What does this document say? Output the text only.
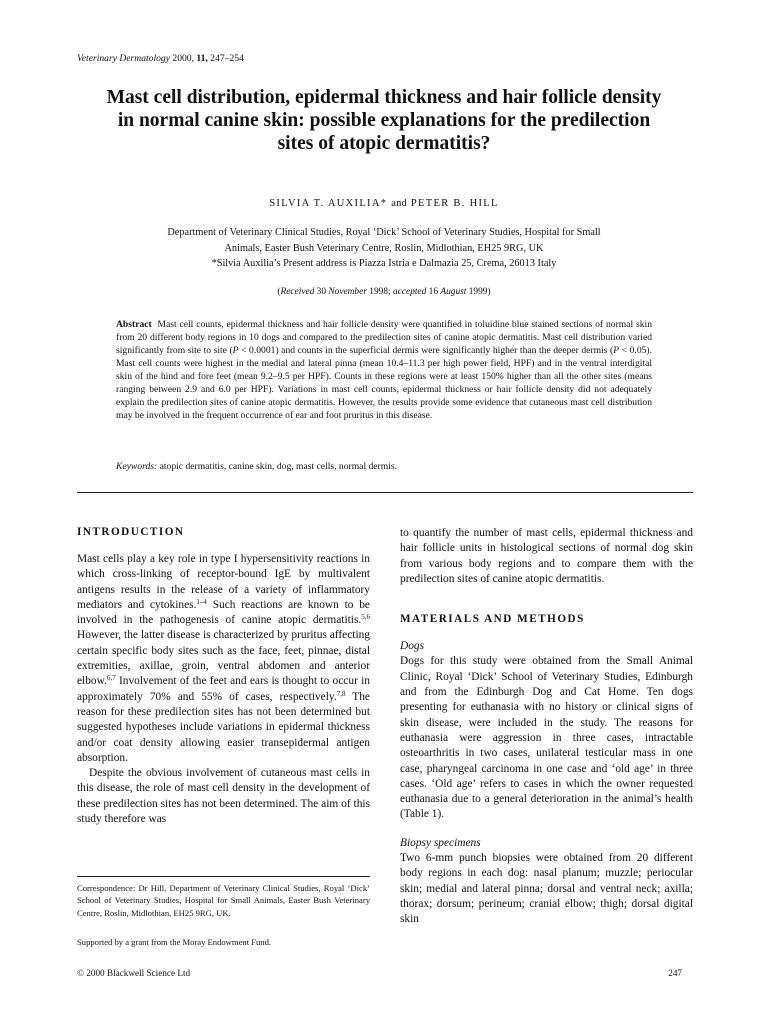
Veterinary Dermatology 2000, 11, 247–254
Mast cell distribution, epidermal thickness and hair follicle density in normal canine skin: possible explanations for the predilection sites of atopic dermatitis?
SILVIA T. AUXILIA* and PETER B. HILL
Department of Veterinary Clinical Studies, Royal ‘Dick’ School of Veterinary Studies, Hospital for Small
Animals, Easter Bush Veterinary Centre, Roslin, Midlothian, EH25 9RG, UK
*Silvia Auxilia’s Present address is Piazza Istria e Dalmazia 25, Crema, 26013 Italy
(Received 30 November 1998; accepted 16 August 1999)
Abstract Mast cell counts, epidermal thickness and hair follicle density were quantified in toluidine blue stained sections of normal skin from 20 different body regions in 10 dogs and compared to the predilection sites of canine atopic dermatitis. Mast cell distribution varied significantly from site to site (P < 0.0001) and counts in the superficial dermis were significantly higher than the deeper dermis (P < 0.05). Mast cell counts were highest in the medial and lateral pinna (mean 10.4–11.3 per high power field, HPF) and in the ventral interdigital skin of the hind and fore feet (mean 9.2–9.5 per HPF). Counts in these regions were at least 150% higher than all the other sites (means ranging between 2.9 and 6.0 per HPF). Variations in mast cell counts, epidermal thickness or hair follicle density did not adequately explain the predilection sites of canine atopic dermatitis. However, the results provide some evidence that cutaneous mast cell distribution may be involved in the frequent occurrence of ear and foot pruritus in this disease.
Keywords: atopic dermatitis, canine skin, dog, mast cells, normal dermis.
INTRODUCTION

Mast cells play a key role in type I hypersensitivity reactions in which cross-linking of receptor-bound IgE by multivalent antigens results in the release of a variety of inflammatory mediators and cytokines.$^{1-4}$ Such reactions are known to be involved in the pathogenesis of canine atopic dermatitis.$^{5,6}$ However, the latter disease is characterized by pruritus affecting certain specific body sites such as the face, feet, pinnae, distal extremities, axillae, groin, ventral abdomen and anterior elbow.$^{6,7}$ Involvement of the feet and ears is thought to occur in approximately 70% and 55% of cases, respectively.$^{7,8}$ The reason for these predilection sites has not been determined but suggested hypotheses include variations in epidermal thickness and/or coat density allowing easier transepidermal antigen absorption.

Despite the obvious involvement of cutaneous mast cells in this disease, the role of mast cell density in the development of these predilection sites has not been determined. The aim of this study therefore was

to quantify the number of mast cells, epidermal thickness and hair follicle units in histological sections of normal dog skin from various body regions and to compare them with the predilection sites of canine atopic dermatitis.

MATERIALS AND METHODS
Dogs

Dogs for this study were obtained from the Small Animal Clinic, Royal ‘Dick’ School of Veterinary Studies, Edinburgh and from the Edinburgh Dog and Cat Home. Ten dogs presenting for euthanasia with no history or clinical signs of skin disease, were included in the study. The reasons for euthanasia were aggression in three cases, intractable osteoarthritis in two cases, unilateral testicular mass in one case, pharyngeal carcinoma in one case and ‘old age’ in three cases. ‘Old age’ refers to cases in which the owner requested euthanasia due to a general deterioration in the animal’s health (Table 1).

Biopsy specimens

Two 6-mm punch biopsies were obtained from 20 different body regions in each dog: nasal planum; muzzle; periocular skin; medial and lateral pinna; dorsal and ventral neck; axilla; thorax; dorsum; perineum; cranial elbow; thigh; dorsal digital skin

Correspondence: Dr Hill, Department of Veterinary Clinical Studies, Royal ‘Dick’ School of Veterinary Studies, Hospital for Small Animals, Easter Bush Veterinary Centre, Roslin, Midlothian, EH25 9RG, UK.
Supported by a grant from the Moray Endowment Fund.
© 2000 Blackwell Science Ltd	247
